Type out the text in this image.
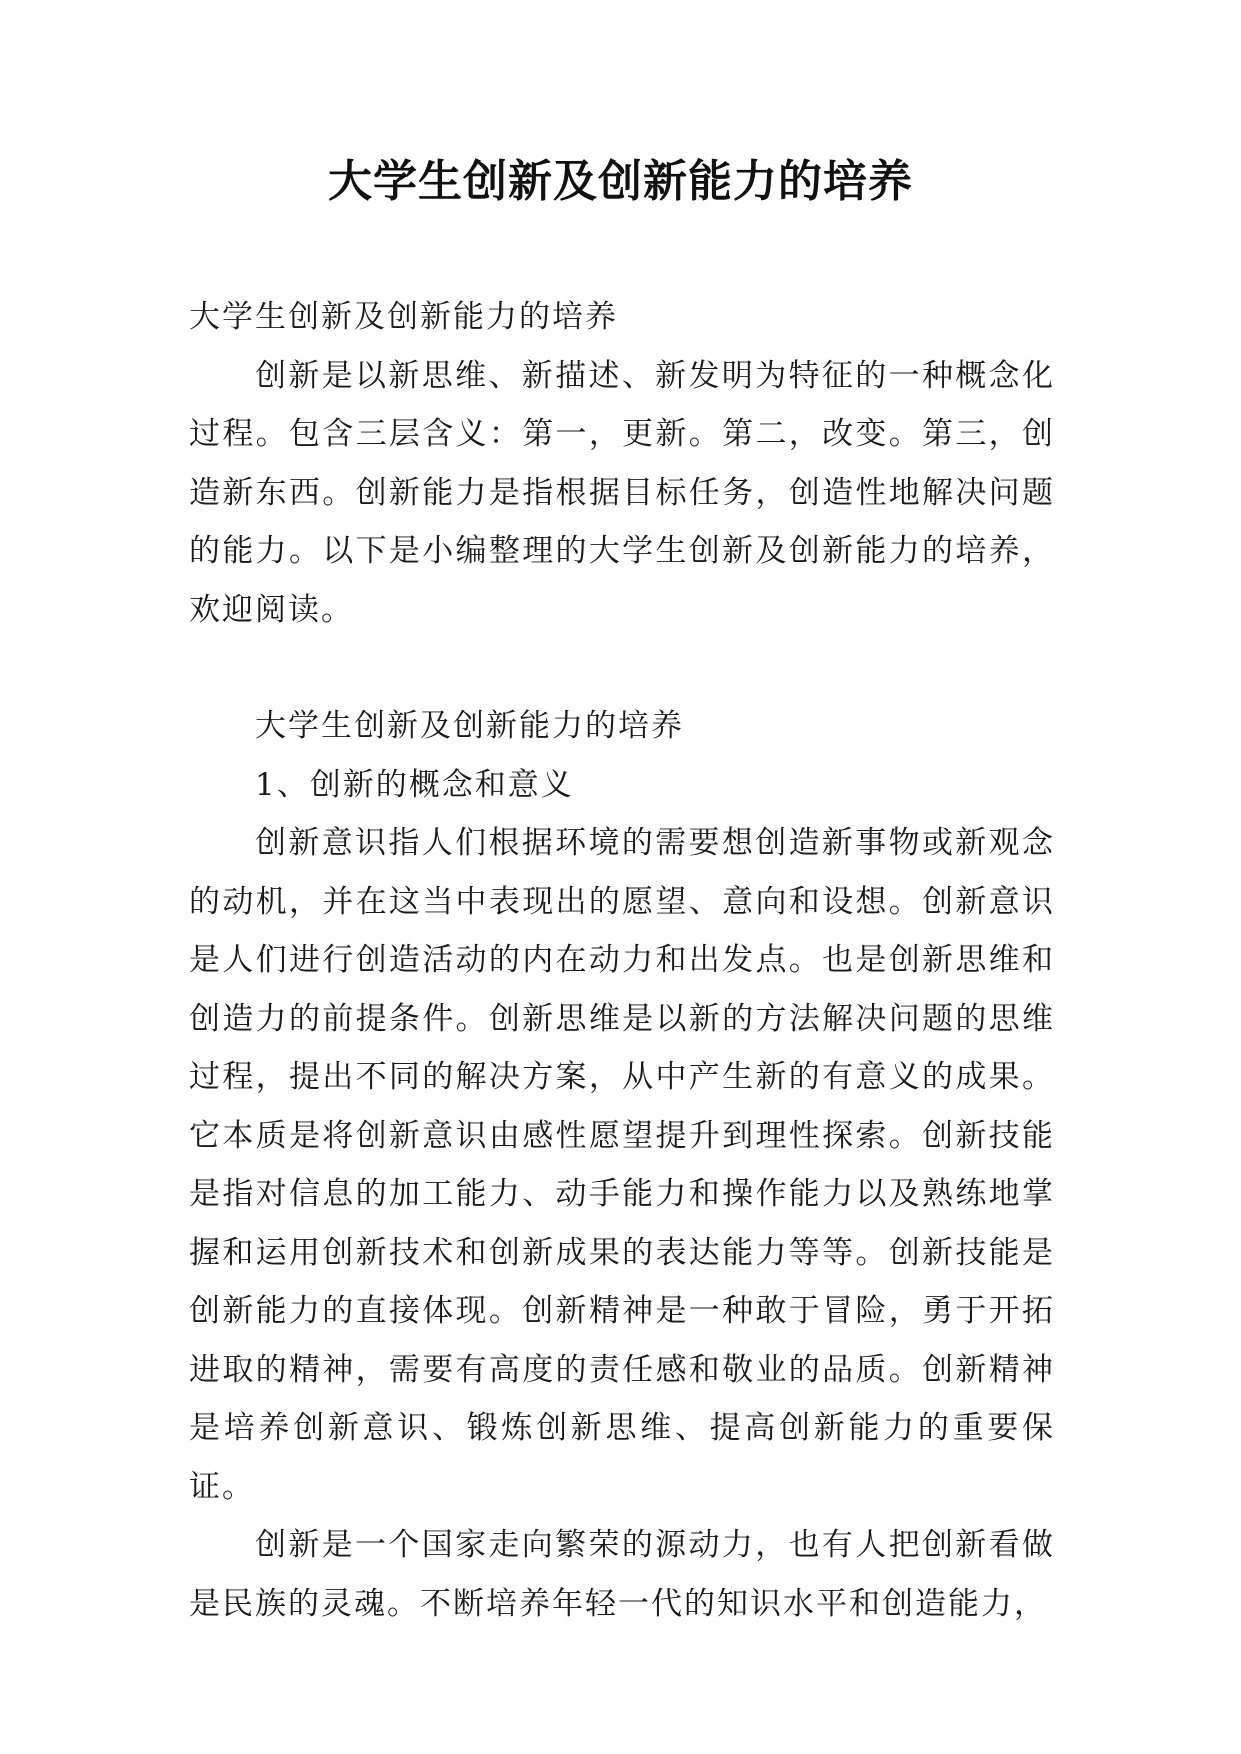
大学生创新及创新能力的培养

大学生创新及创新能力的培养

创新是以新思维、新描述、新发明为特征的一种概念化过程。包含三层含义：第一，更新。第二，改变。第三，创造新东西。创新能力是指根据目标任务，创造性地解决问题的能力。以下是小编整理的大学生创新及创新能力的培养，欢迎阅读。

大学生创新及创新能力的培养

1、创新的概念和意义

创新意识指人们根据环境的需要想创造新事物或新观念的动机，并在这当中表现出的愿望、意向和设想。创新意识是人们进行创造活动的内在动力和出发点。也是创新思维和创造力的前提条件。创新思维是以新的方法解决问题的思维过程，提出不同的解决方案，从中产生新的有意义的成果。它本质是将创新意识由感性愿望提升到理性探索。创新技能是指对信息的加工能力、动手能力和操作能力以及熟练地掌握和运用创新技术和创新成果的表达能力等等。创新技能是创新能力的直接体现。创新精神是一种敢于冒险，勇于开拓进取的精神，需要有高度的责任感和敬业的品质。创新精神是培养创新意识、锻炼创新思维、提高创新能力的重要保证。

创新是一个国家走向繁荣的源动力，也有人把创新看做是民族的灵魂。不断培养年轻一代的知识水平和创造能力，
